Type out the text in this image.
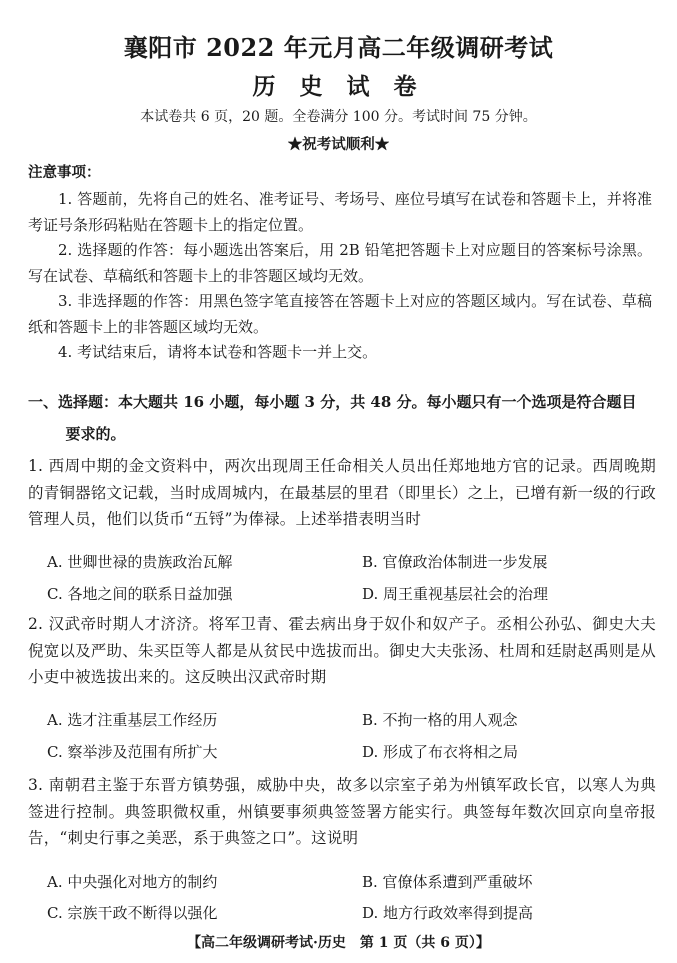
襄阳市 2022 年元月高二年级调研考试
历 史 试 卷
本试卷共 6 页，20 题。全卷满分 100 分。考试时间 75 分钟。
★祝考试顺利★
注意事项：
1. 答题前，先将自己的姓名、准考证号、考场号、座位号填写在试卷和答题卡上，并将准考证号条形码粘贴在答题卡上的指定位置。
2. 选择题的作答：每小题选出答案后，用 2B 铅笔把答题卡上对应题目的答案标号涂黑。写在试卷、草稿纸和答题卡上的非答题区域均无效。
3. 非选择题的作答：用黑色签字笔直接答在答题卡上对应的答题区域内。写在试卷、草稿纸和答题卡上的非答题区域均无效。
4. 考试结束后，请将本试卷和答题卡一并上交。
一、选择题：本大题共 16 小题，每小题 3 分，共 48 分。每小题只有一个选项是符合题目
要求的。
1. 西周中期的金文资料中，两次出现周王任命相关人员出任郑地地方官的记录。西周晚期的青铜器铭文记载，当时成周城内，在最基层的里君（即里长）之上，已增有新一级的行政管理人员，他们以货币“五锊”为俸禄。上述举措表明当时
A. 世卿世禄的贵族政治瓦解	B. 官僚政治体制进一步发展
C. 各地之间的联系日益加强	D. 周王重视基层社会的治理
2. 汉武帝时期人才济济。将军卫青、霍去病出身于奴仆和奴产子。丞相公孙弘、御史大夫倪宽以及严助、朱买臣等人都是从贫民中选拔而出。御史大夫张汤、杜周和廷尉赵禹则是从小吏中被选拔出来的。这反映出汉武帝时期
A. 选才注重基层工作经历	B. 不拘一格的用人观念
C. 察举涉及范围有所扩大	D. 形成了布衣将相之局
3. 南朝君主鉴于东晋方镇势强，威胁中央，故多以宗室子弟为州镇军政长官，以寒人为典签进行控制。典签职微权重，州镇要事须典签签署方能实行。典签每年数次回京向皇帝报告，“刺史行事之美恶，系于典签之口”。这说明
A. 中央强化对地方的制约	B. 官僚体系遭到严重破坏
C. 宗族干政不断得以强化	D. 地方行政效率得到提高
【高二年级调研考试·历史　第 1 页（共 6 页）】
